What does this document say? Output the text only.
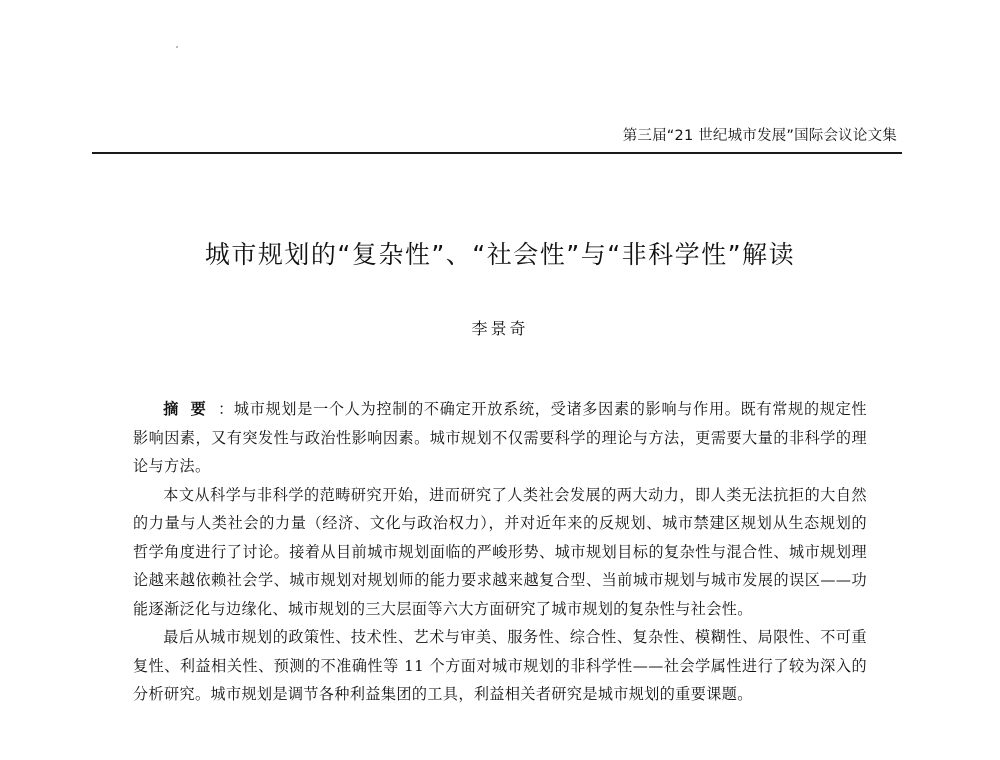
第三届“21 世纪城市发展”国际会议论文集
城市规划的“复杂性”、“社会性”与“非科学性”解读
李景奇

摘要：城市规划是一个人为控制的不确定开放系统，受诸多因素的影响与作用。既有常规的规定性影响因素，又有突发性与政治性影响因素。城市规划不仅需要科学的理论与方法，更需要大量的非科学的理论与方法。

本文从科学与非科学的范畴研究开始，进而研究了人类社会发展的两大动力，即人类无法抗拒的大自然的力量与人类社会的力量（经济、文化与政治权力），并对近年来的反规划、城市禁建区规划从生态规划的哲学角度进行了讨论。接着从目前城市规划面临的严峻形势、城市规划目标的复杂性与混合性、城市规划理论越来越依赖社会学、城市规划对规划师的能力要求越来越复合型、当前城市规划与城市发展的误区——功能逐渐泛化与边缘化、城市规划的三大层面等六大方面研究了城市规划的复杂性与社会性。

最后从城市规划的政策性、技术性、艺术与审美、服务性、综合性、复杂性、模糊性、局限性、不可重复性、利益相关性、预测的不准确性等 11 个方面对城市规划的非科学性——社会学属性进行了较为深入的分析研究。城市规划是调节各种利益集团的工具，利益相关者研究是城市规划的重要课题。
